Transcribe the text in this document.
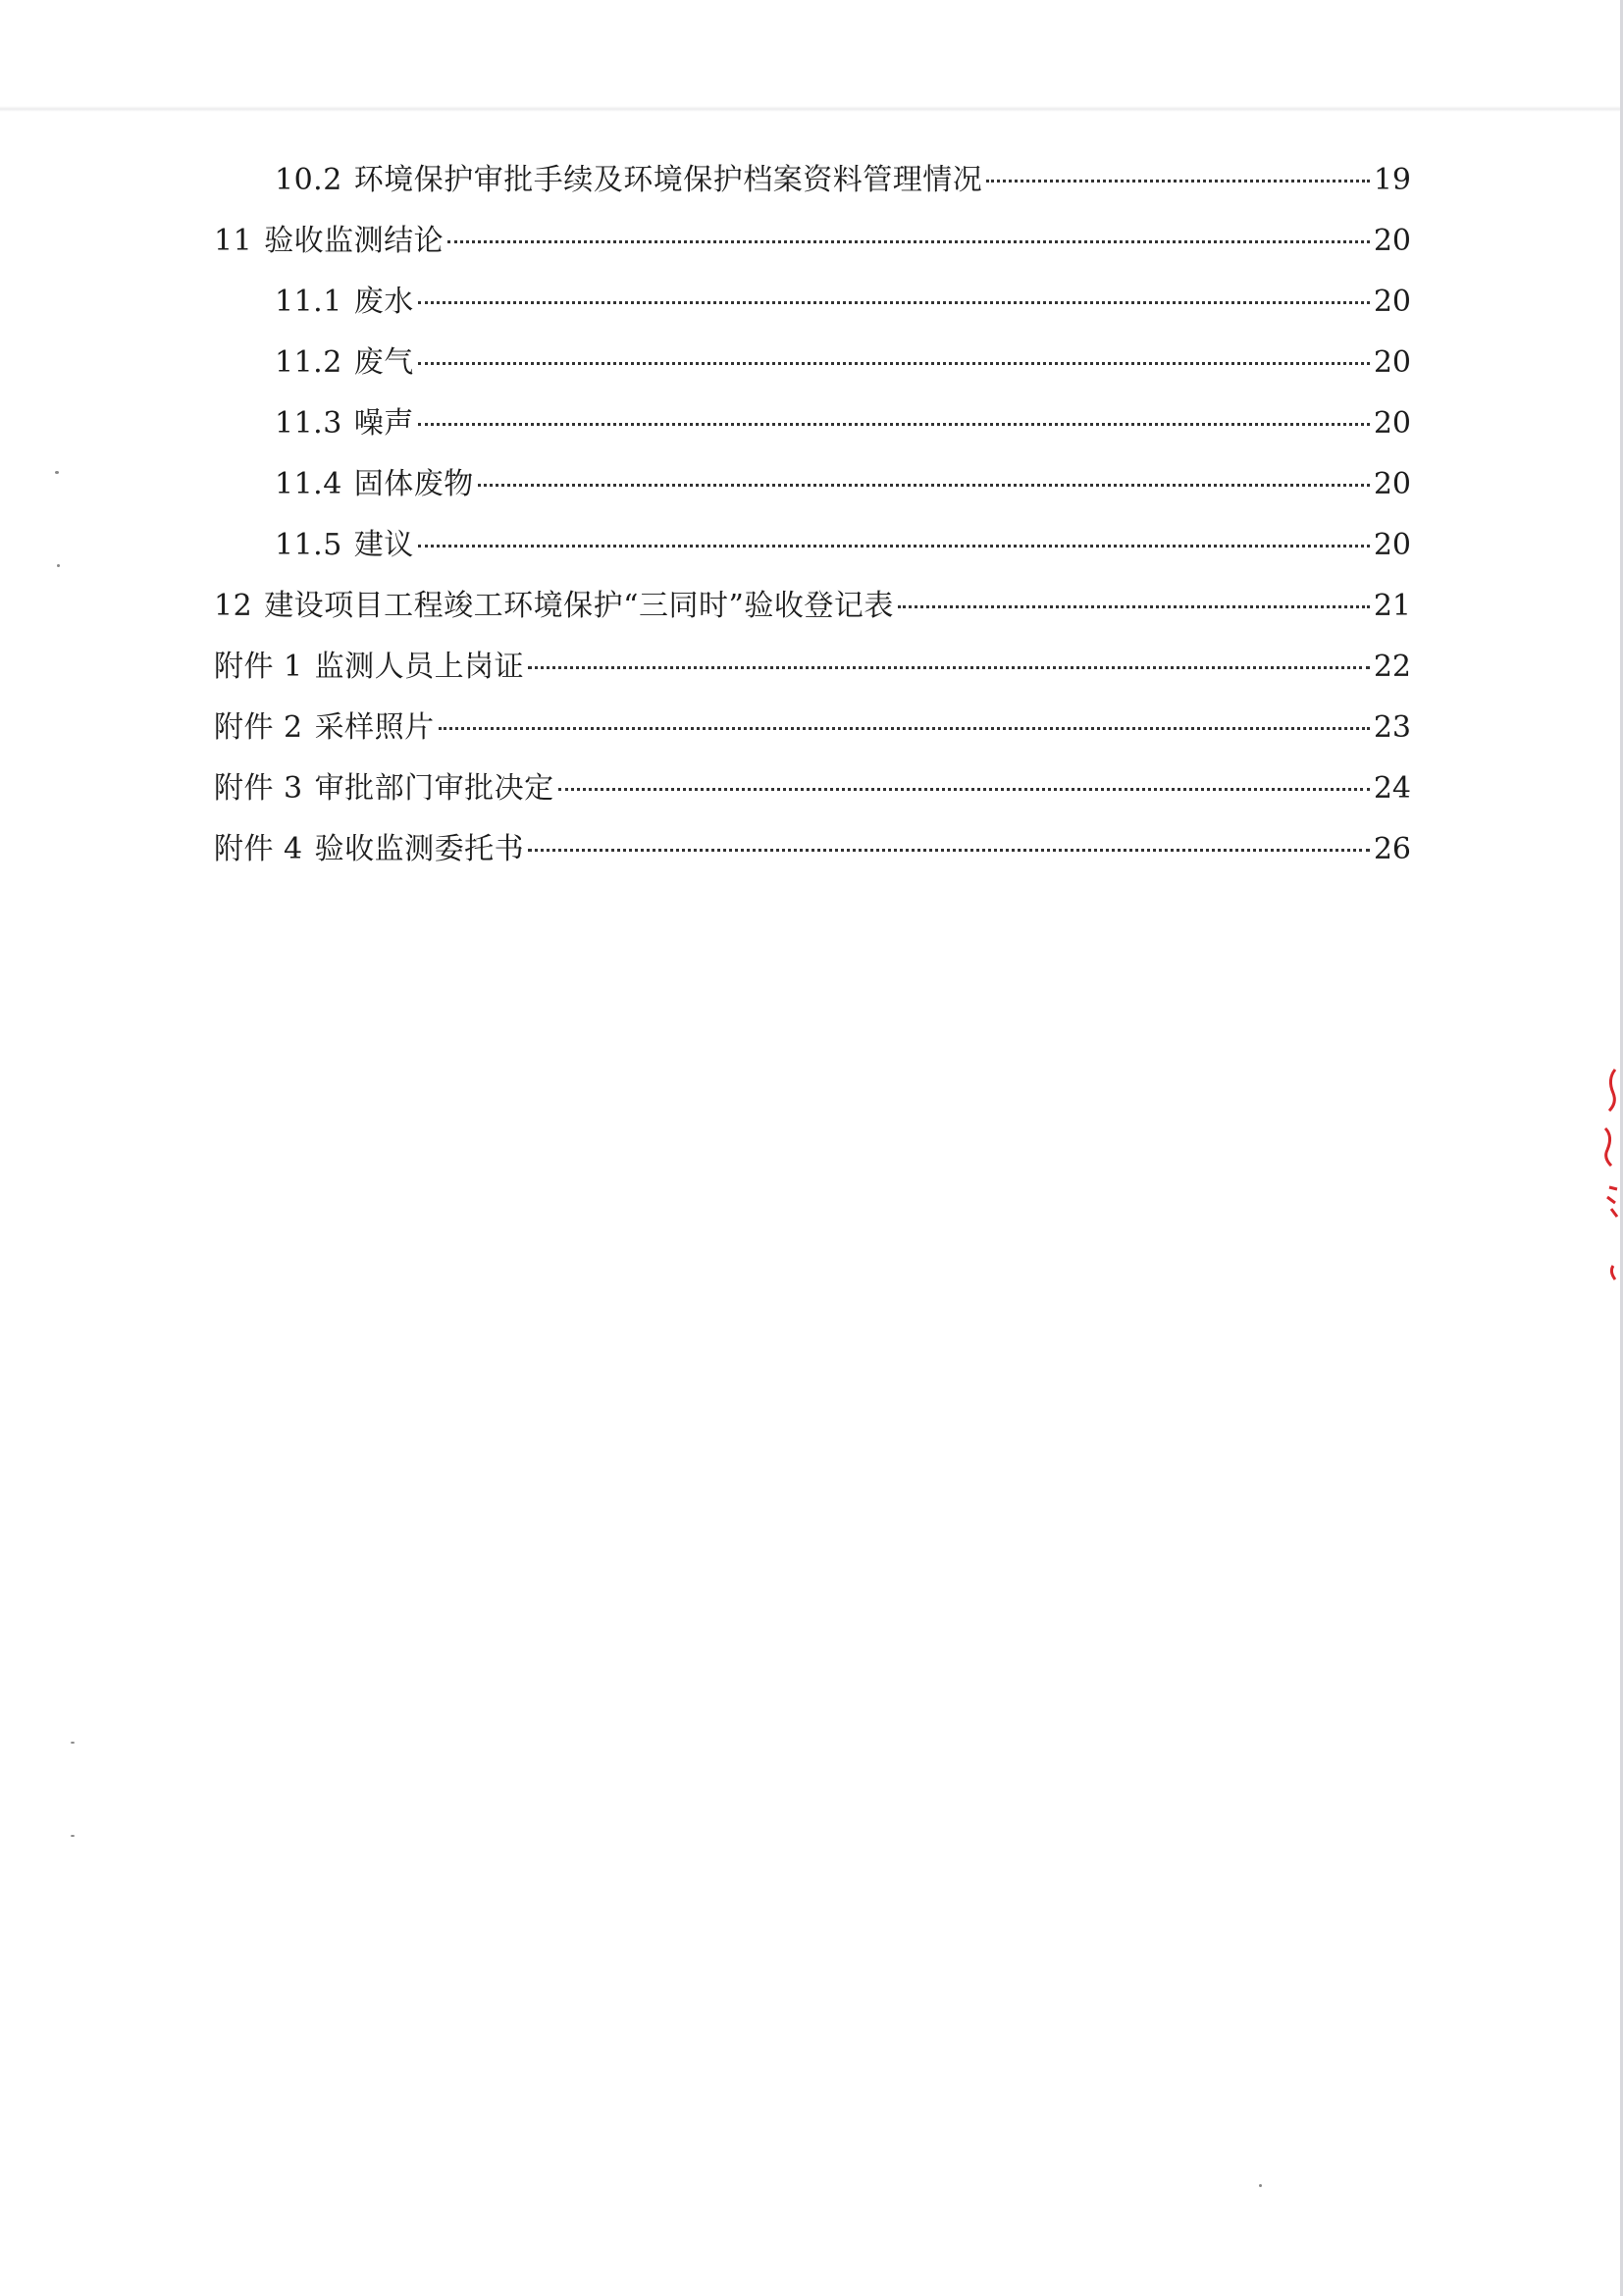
10.2 环境保护审批手续及环境保护档案资料管理情况	19
11 验收监测结论	20
11.1 废水	20
11.2 废气	20
11.3 噪声	20
11.4 固体废物	20
11.5 建议	20
12 建设项目工程竣工环境保护“三同时”验收登记表	21
附件 1 监测人员上岗证	22
附件 2 采样照片	23
附件 3 审批部门审批决定	24
附件 4 验收监测委托书	26
